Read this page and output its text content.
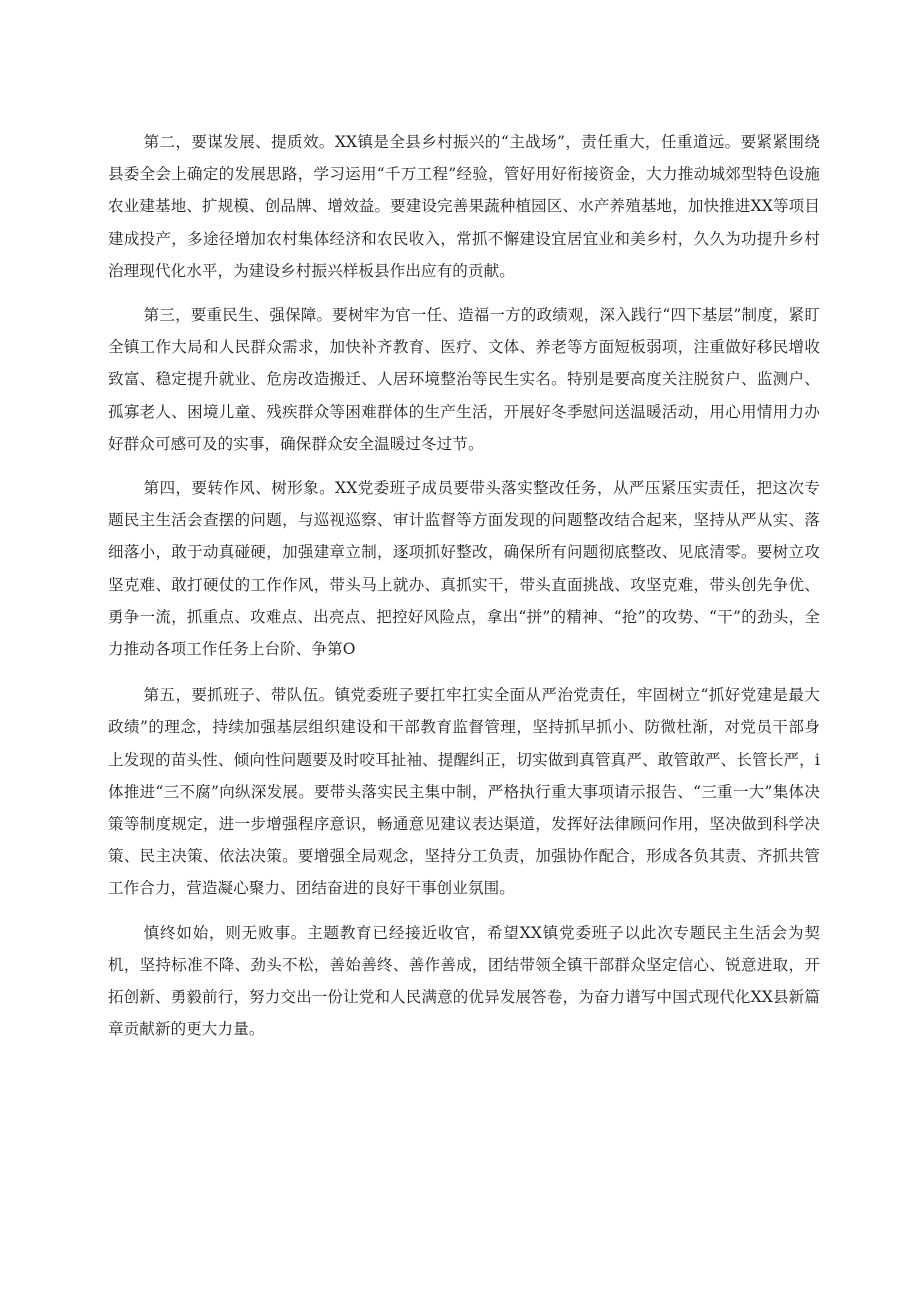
第二，要谋发展、提质效。XX镇是全县乡村振兴的“主战场”，责任重大，任重道远。要紧紧围绕县委全会上确定的发展思路，学习运用“千万工程”经验，管好用好衔接资金，大力推动城郊型特色设施农业建基地、扩规模、创品牌、增效益。要建设完善果蔬种植园区、水产养殖基地，加快推进XX等项目建成投产，多途径增加农村集体经济和农民收入，常抓不懈建设宜居宜业和美乡村，久久为功提升乡村治理现代化水平，为建设乡村振兴样板县作出应有的贡献。

第三，要重民生、强保障。要树牢为官一任、造福一方的政绩观，深入践行“四下基层”制度，紧盯全镇工作大局和人民群众需求，加快补齐教育、医疗、文体、养老等方面短板弱项，注重做好移民增收致富、稳定提升就业、危房改造搬迁、人居环境整治等民生实名。特别是要高度关注脱贫户、监测户、孤寡老人、困境儿童、残疾群众等困难群体的生产生活，开展好冬季慰问送温暖活动，用心用情用力办好群众可感可及的实事，确保群众安全温暖过冬过节。

第四，要转作风、树形象。XX党委班子成员要带头落实整改任务，从严压紧压实责任，把这次专题民主生活会查摆的问题，与巡视巡察、审计监督等方面发现的问题整改结合起来，坚持从严从实、落细落小，敢于动真碰硬，加强建章立制，逐项抓好整改，确保所有问题彻底整改、见底清零。要树立攻坚克难、敢打硬仗的工作作风，带头马上就办、真抓实干，带头直面挑战、攻坚克难，带头创先争优、勇争一流，抓重点、攻难点、出亮点、把控好风险点，拿出“拼”的精神、“抢”的攻势、“干”的劲头，全力推动各项工作任务上台阶、争第O

第五，要抓班子、带队伍。镇党委班子要扛牢扛实全面从严治党责任，牢固树立“抓好党建是最大政绩”的理念，持续加强基层组织建设和干部教育监督管理，坚持抓早抓小、防微杜渐，对党员干部身上发现的苗头性、倾向性问题要及时咬耳扯袖、提醒纠正，切实做到真管真严、敢管敢严、长管长严，i体推进“三不腐”向纵深发展。要带头落实民主集中制，严格执行重大事项请示报告、“三重一大”集体决策等制度规定，进一步增强程序意识，畅通意见建议表达渠道，发挥好法律顾问作用，坚决做到科学决策、民主决策、依法决策。要增强全局观念，坚持分工负责，加强协作配合，形成各负其责、齐抓共管工作合力，营造凝心聚力、团结奋进的良好干事创业氛围。

慎终如始，则无败事。主题教育已经接近收官，希望XX镇党委班子以此次专题民主生活会为契机，坚持标准不降、劲头不松，善始善终、善作善成，团结带领全镇干部群众坚定信心、锐意进取，开拓创新、勇毅前行，努力交出一份让党和人民满意的优异发展答卷，为奋力谱写中国式现代化XX县新篇章贡献新的更大力量。
